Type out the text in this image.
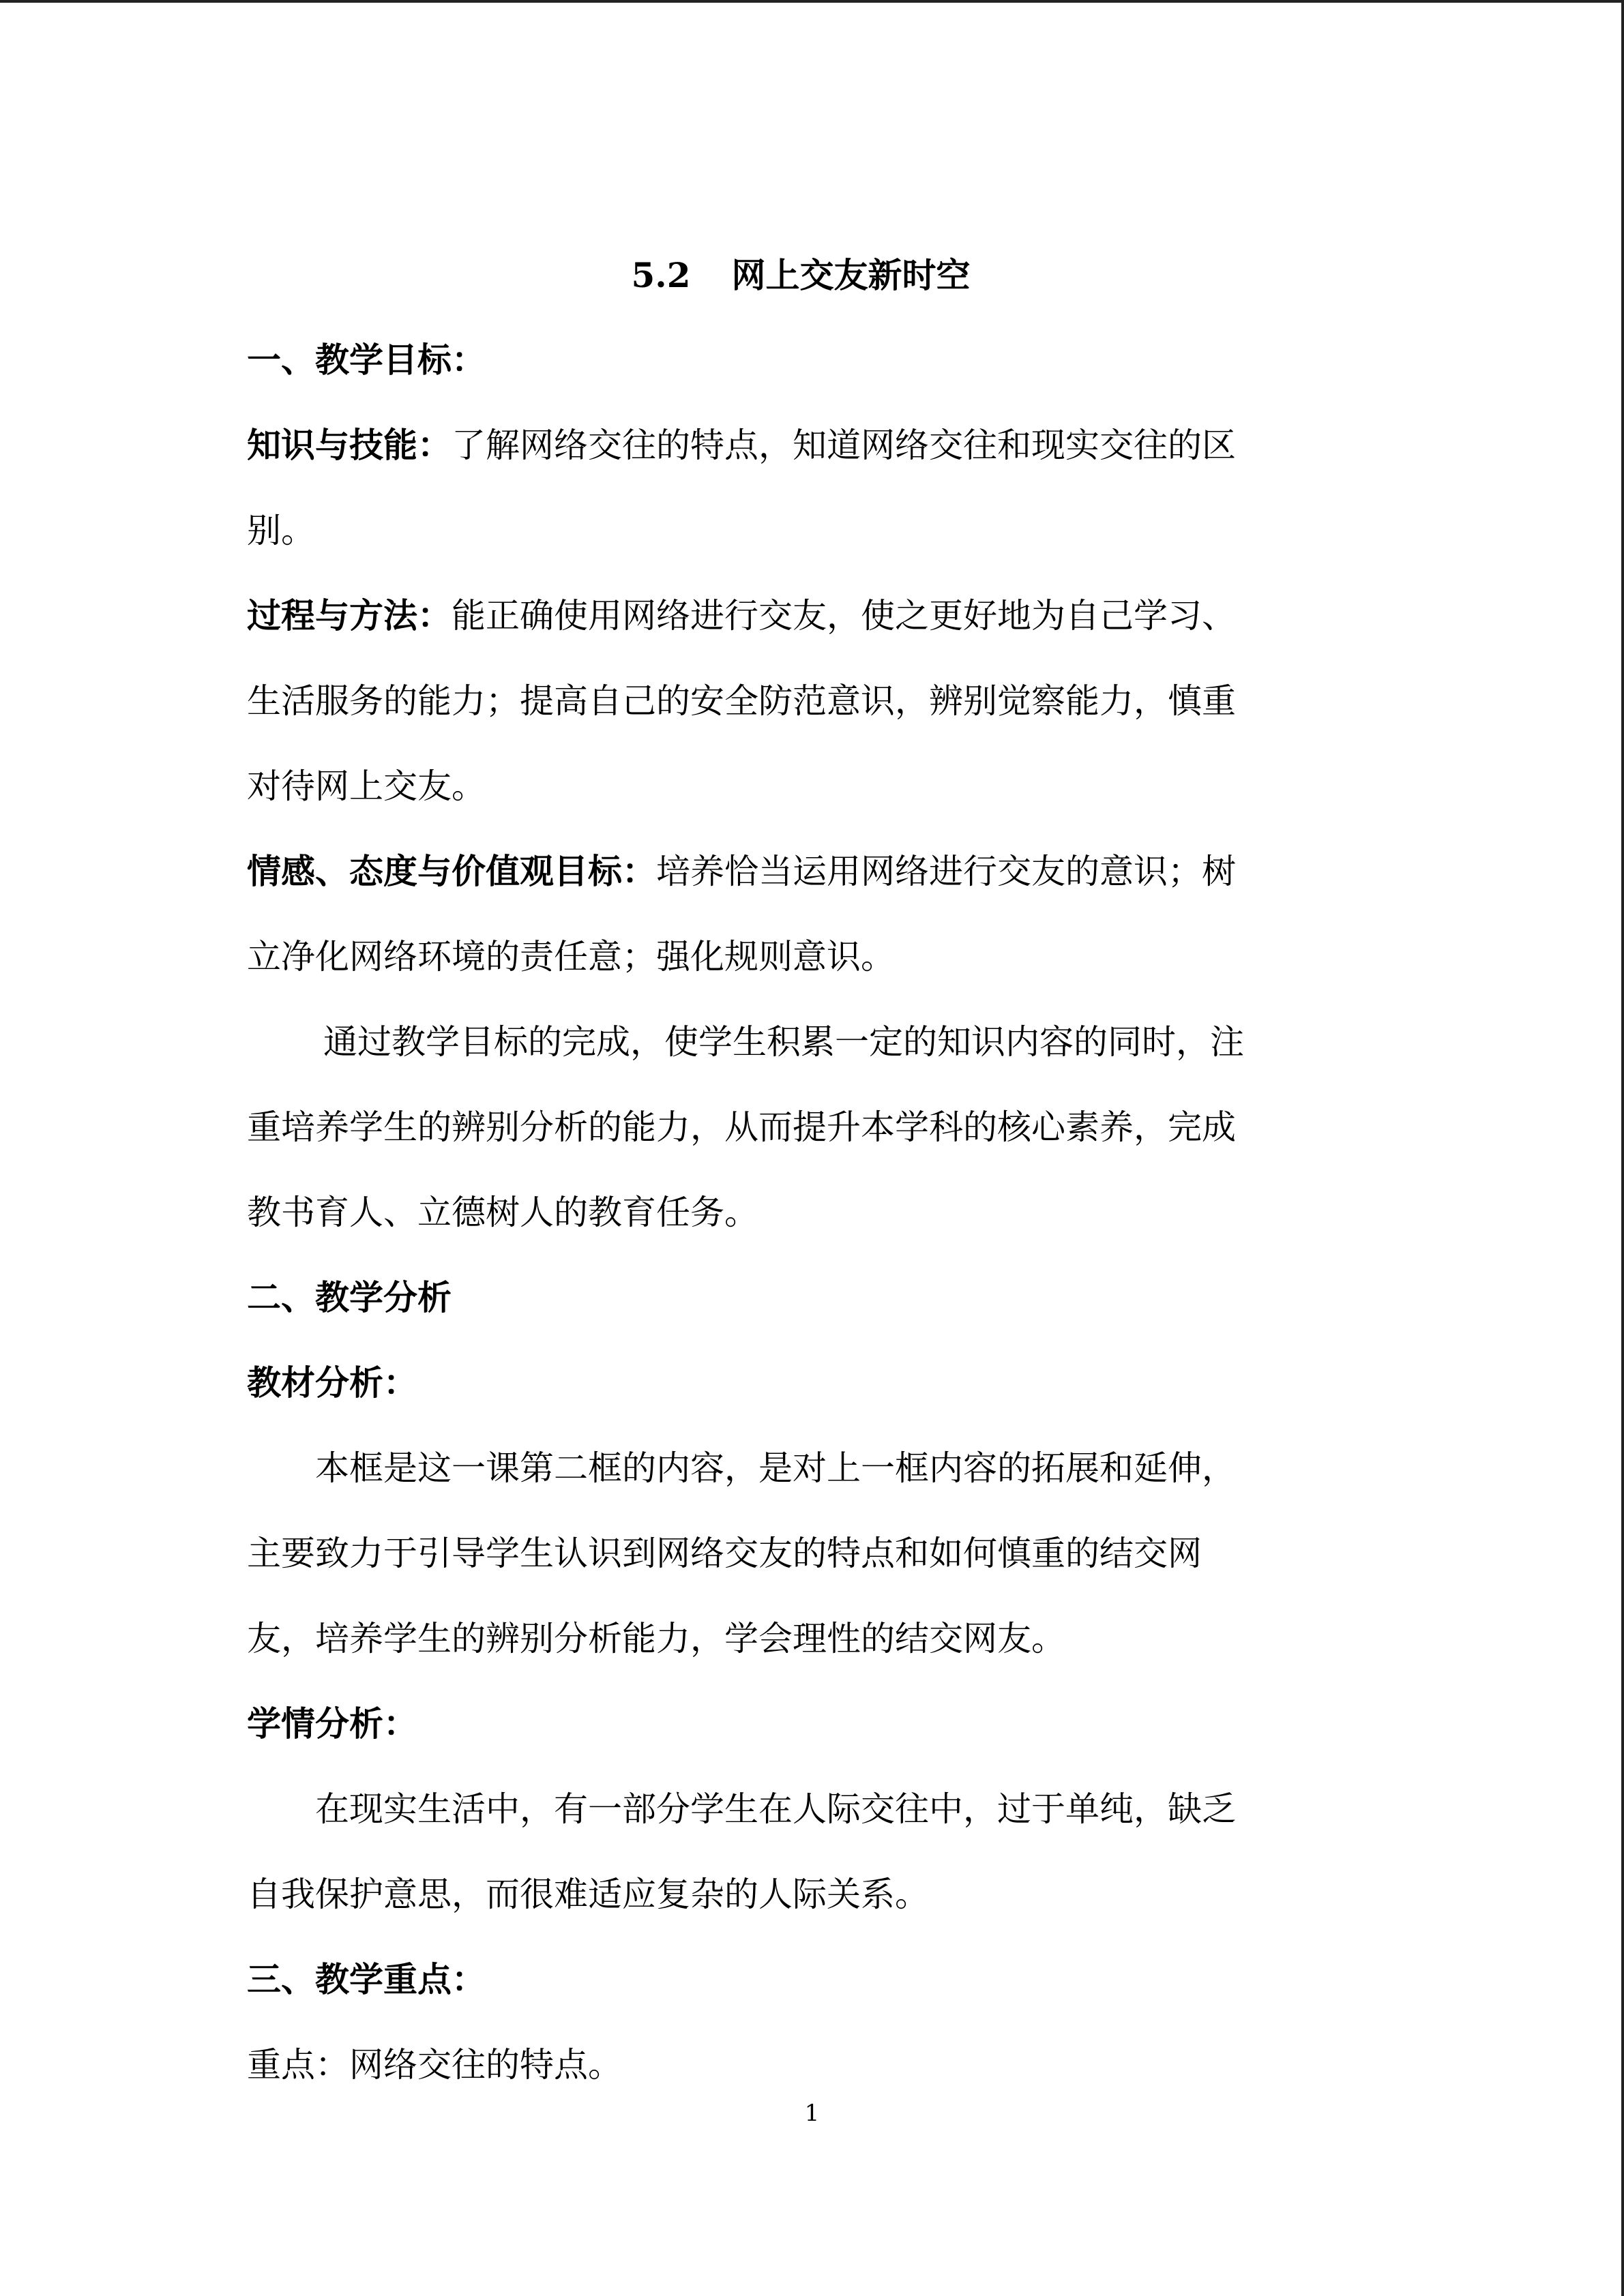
5.2 网上交友新时空
一、教学目标：
知识与技能：了解网络交往的特点，知道网络交往和现实交往的区
别。
过程与方法：能正确使用网络进行交友，使之更好地为自己学习、
生活服务的能力；提高自己的安全防范意识，辨别觉察能力，慎重
对待网上交友。
情感、态度与价值观目标：培养恰当运用网络进行交友的意识；树
立净化网络环境的责任意；强化规则意识。
通过教学目标的完成，使学生积累一定的知识内容的同时，注
重培养学生的辨别分析的能力，从而提升本学科的核心素养，完成
教书育人、立德树人的教育任务。
二、教学分析
教材分析：
本框是这一课第二框的内容，是对上一框内容的拓展和延伸，
主要致力于引导学生认识到网络交友的特点和如何慎重的结交网
友，培养学生的辨别分析能力，学会理性的结交网友。
学情分析：
在现实生活中，有一部分学生在人际交往中，过于单纯，缺乏
自我保护意思，而很难适应复杂的人际关系。
三、教学重点：
重点：网络交往的特点。
1
